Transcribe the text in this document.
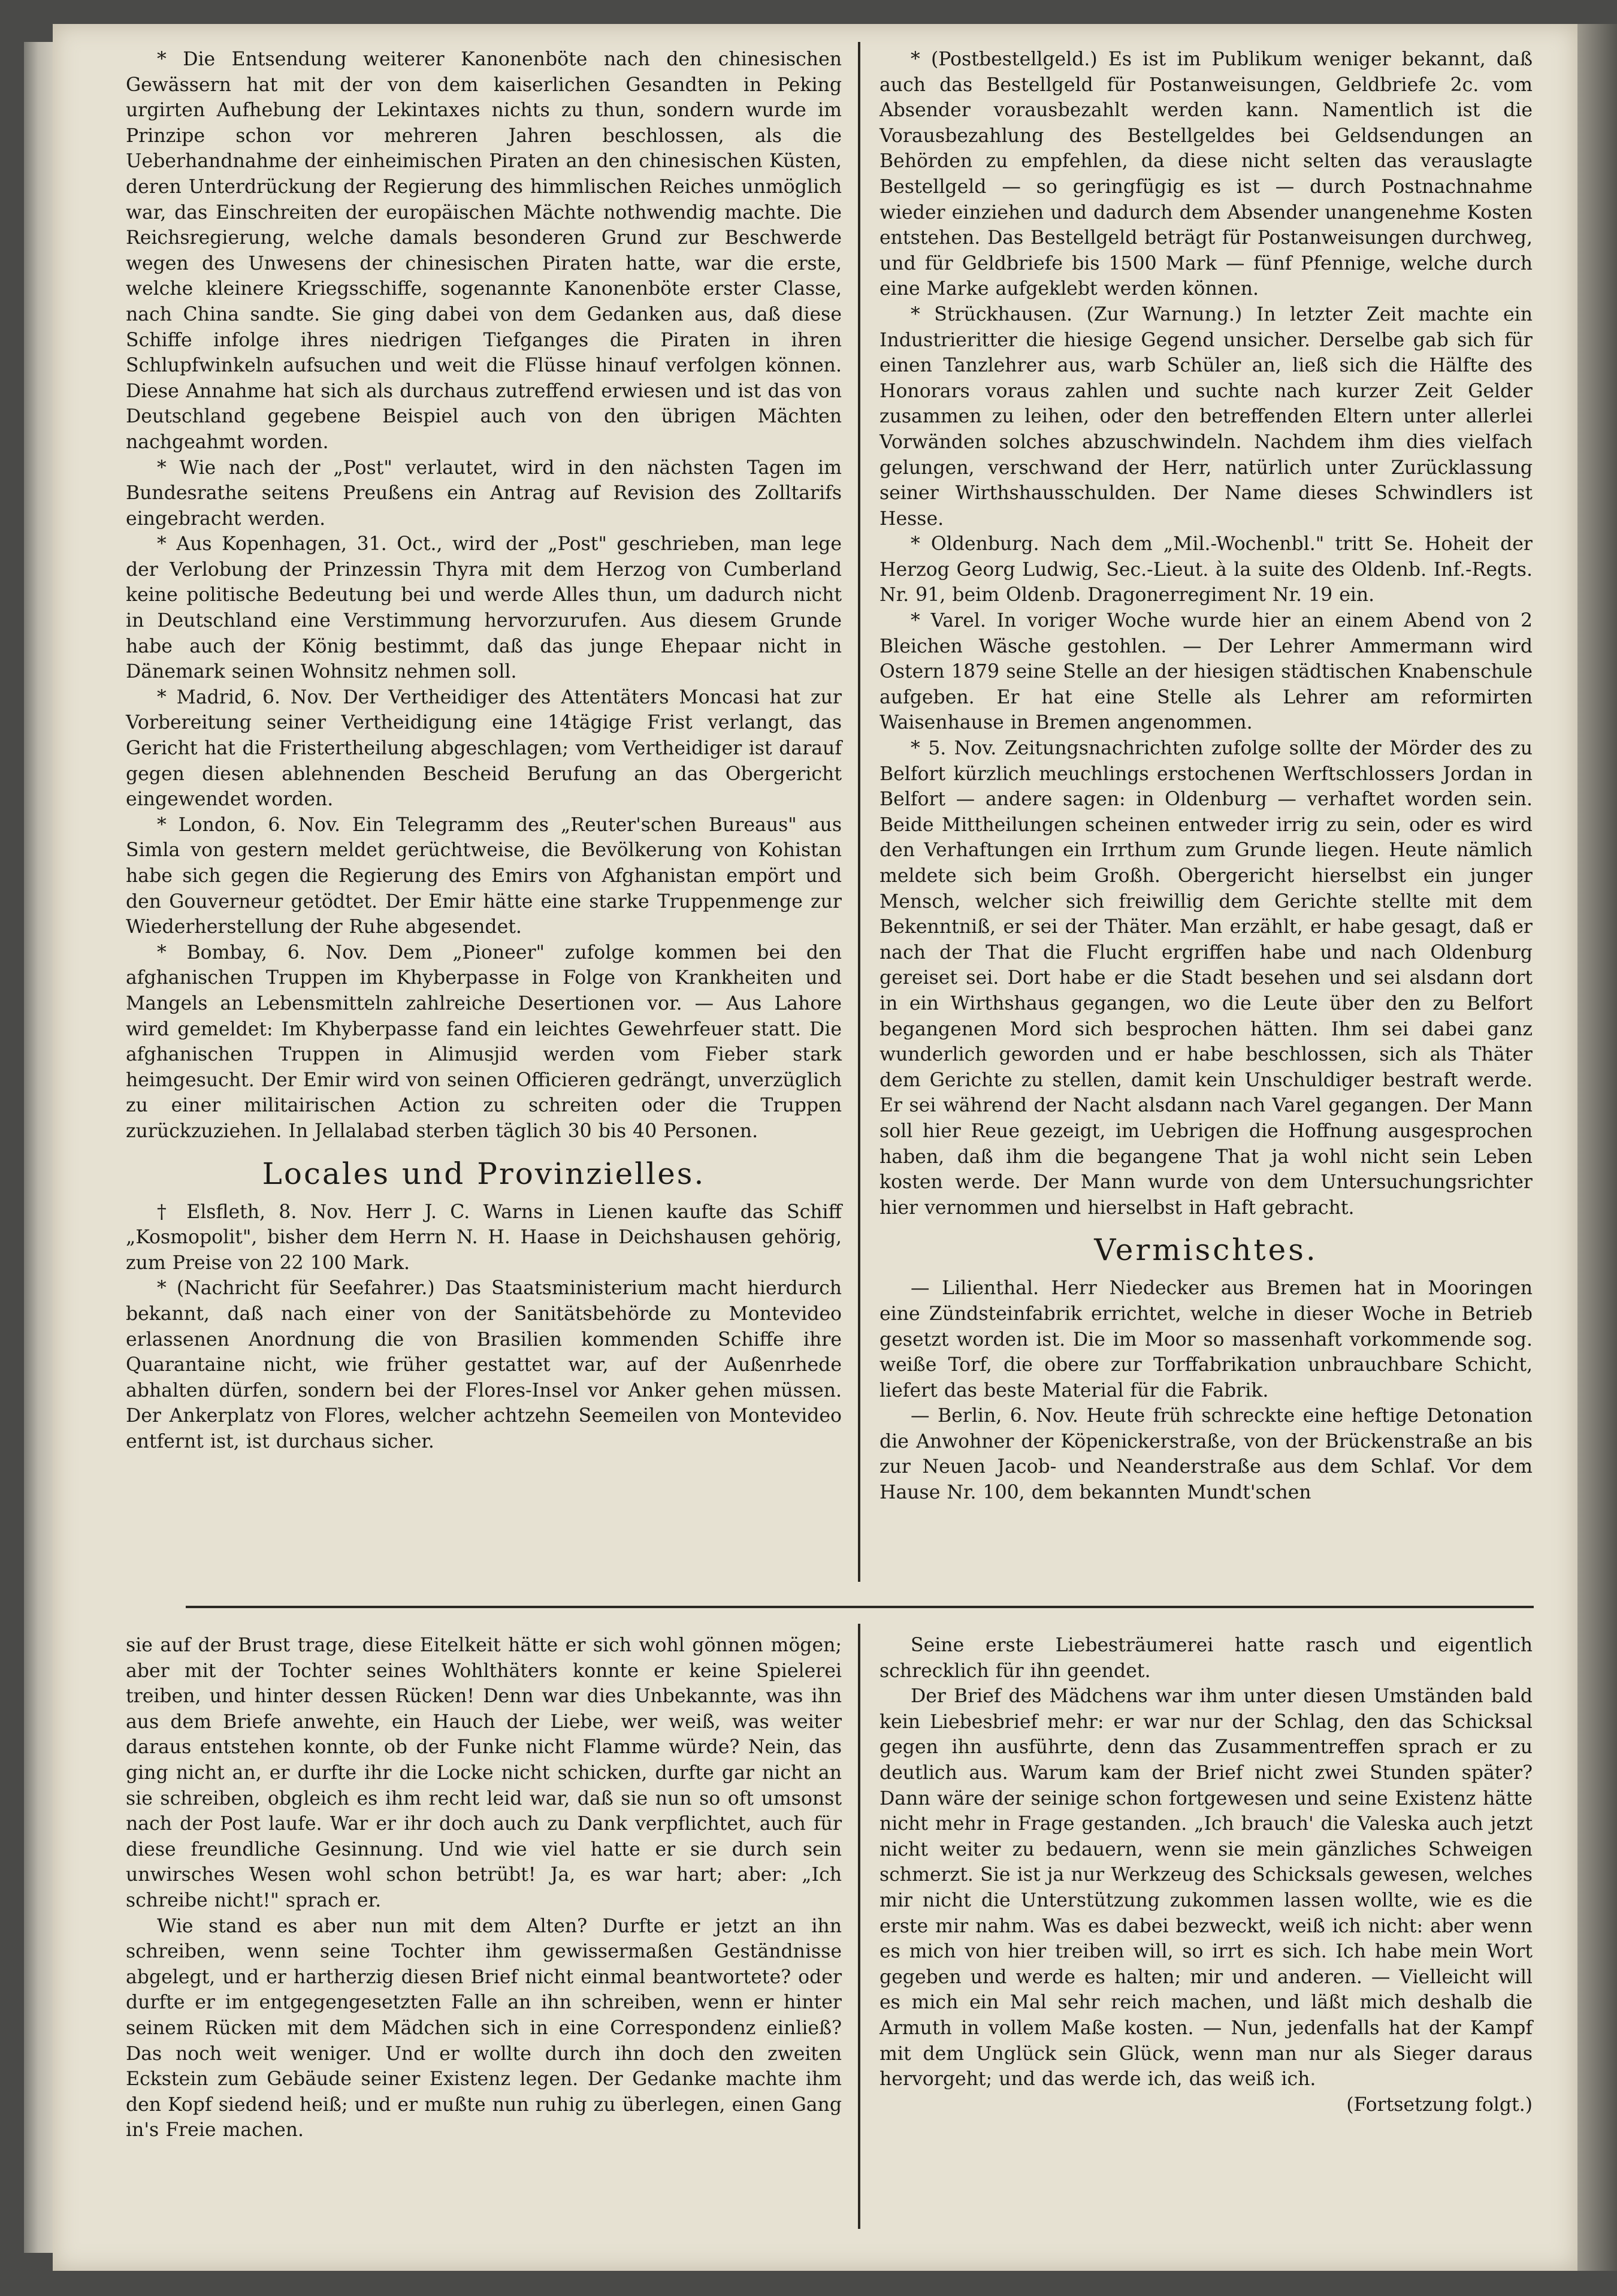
* Die Entsendung weiterer Kanonenböte nach den chinesischen Gewässern hat mit der von dem kaiserlichen Gesandten in Peking urgirten Aufhebung der Lekintaxes nichts zu thun, sondern wurde im Prinzipe schon vor mehreren Jahren beschlossen, als die Ueberhandnahme der einheimischen Piraten an den chinesischen Küsten, deren Unterdrückung der Regierung des himmlischen Reiches unmöglich war, das Einschreiten der europäischen Mächte nothwendig machte. Die Reichsregierung, welche damals besonderen Grund zur Beschwerde wegen des Unwesens der chinesischen Piraten hatte, war die erste, welche kleinere Kriegsschiffe, sogenannte Kanonenböte erster Classe, nach China sandte. Sie ging dabei von dem Gedanken aus, daß diese Schiffe infolge ihres niedrigen Tiefganges die Piraten in ihren Schlupfwinkeln aufsuchen und weit die Flüsse hinauf verfolgen können. Diese Annahme hat sich als durchaus zutreffend erwiesen und ist das von Deutschland gegebene Beispiel auch von den übrigen Mächten nachgeahmt worden.

* Wie nach der „Post" verlautet, wird in den nächsten Tagen im Bundesrathe seitens Preußens ein Antrag auf Revision des Zolltarifs eingebracht werden.

* Aus Kopenhagen, 31. Oct., wird der „Post" geschrieben, man lege der Verlobung der Prinzessin Thyra mit dem Herzog von Cumberland keine politische Bedeutung bei und werde Alles thun, um dadurch nicht in Deutschland eine Verstimmung hervorzurufen. Aus diesem Grunde habe auch der König bestimmt, daß das junge Ehepaar nicht in Dänemark seinen Wohnsitz nehmen soll.

* Madrid, 6. Nov. Der Vertheidiger des Attentäters Moncasi hat zur Vorbereitung seiner Vertheidigung eine 14tägige Frist verlangt, das Gericht hat die Fristertheilung abgeschlagen; vom Vertheidiger ist darauf gegen diesen ablehnenden Bescheid Berufung an das Obergericht eingewendet worden.

* London, 6. Nov. Ein Telegramm des „Reuter'schen Bureaus" aus Simla von gestern meldet gerüchtweise, die Bevölkerung von Kohistan habe sich gegen die Regierung des Emirs von Afghanistan empört und den Gouverneur getödtet. Der Emir hätte eine starke Truppenmenge zur Wiederherstellung der Ruhe abgesendet.

* Bombay, 6. Nov. Dem „Pioneer" zufolge kommen bei den afghanischen Truppen im Khyberpasse in Folge von Krankheiten und Mangels an Lebensmitteln zahlreiche Desertionen vor. — Aus Lahore wird gemeldet: Im Khyberpasse fand ein leichtes Gewehrfeuer statt. Die afghanischen Truppen in Alimusjid werden vom Fieber stark heimgesucht. Der Emir wird von seinen Officieren gedrängt, unverzüglich zu einer militairischen Action zu schreiten oder die Truppen zurückzuziehen. In Jellalabad sterben täglich 30 bis 40 Personen.

Locales und Provinzielles.

† Elsfleth, 8. Nov. Herr J. C. Warns in Lienen kaufte das Schiff „Kosmopolit", bisher dem Herrn N. H. Haase in Deichshausen gehörig, zum Preise von 22 100 Mark.

* (Nachricht für Seefahrer.) Das Staatsministerium macht hierdurch bekannt, daß nach einer von der Sanitätsbehörde zu Montevideo erlassenen Anordnung die von Brasilien kommenden Schiffe ihre Quarantaine nicht, wie früher gestattet war, auf der Außenrhede abhalten dürfen, sondern bei der Flores-Insel vor Anker gehen müssen. Der Ankerplatz von Flores, welcher achtzehn Seemeilen von Montevideo entfernt ist, ist durchaus sicher.

* (Postbestellgeld.) Es ist im Publikum weniger bekannt, daß auch das Bestellgeld für Postanweisungen, Geldbriefe 2c. vom Absender vorausbezahlt werden kann. Namentlich ist die Vorausbezahlung des Bestellgeldes bei Geldsendungen an Behörden zu empfehlen, da diese nicht selten das verauslagte Bestellgeld — so geringfügig es ist — durch Postnachnahme wieder einziehen und dadurch dem Absender unangenehme Kosten entstehen. Das Bestellgeld beträgt für Postanweisungen durchweg, und für Geldbriefe bis 1500 Mark — fünf Pfennige, welche durch eine Marke aufgeklebt werden können.

* Strückhausen. (Zur Warnung.) In letzter Zeit machte ein Industrieritter die hiesige Gegend unsicher. Derselbe gab sich für einen Tanzlehrer aus, warb Schüler an, ließ sich die Hälfte des Honorars voraus zahlen und suchte nach kurzer Zeit Gelder zusammen zu leihen, oder den betreffenden Eltern unter allerlei Vorwänden solches abzuschwindeln. Nachdem ihm dies vielfach gelungen, verschwand der Herr, natürlich unter Zurücklassung seiner Wirthshausschulden. Der Name dieses Schwindlers ist Hesse.

* Oldenburg. Nach dem „Mil.-Wochenbl." tritt Se. Hoheit der Herzog Georg Ludwig, Sec.-Lieut. à la suite des Oldenb. Inf.-Regts. Nr. 91, beim Oldenb. Dragonerregiment Nr. 19 ein.

* Varel. In voriger Woche wurde hier an einem Abend von 2 Bleichen Wäsche gestohlen. — Der Lehrer Ammermann wird Ostern 1879 seine Stelle an der hiesigen städtischen Knabenschule aufgeben. Er hat eine Stelle als Lehrer am reformirten Waisenhause in Bremen angenommen.

* 5. Nov. Zeitungsnachrichten zufolge sollte der Mörder des zu Belfort kürzlich meuchlings erstochenen Werftschlossers Jordan in Belfort — andere sagen: in Oldenburg — verhaftet worden sein. Beide Mittheilungen scheinen entweder irrig zu sein, oder es wird den Verhaftungen ein Irrthum zum Grunde liegen. Heute nämlich meldete sich beim Großh. Obergericht hierselbst ein junger Mensch, welcher sich freiwillig dem Gerichte stellte mit dem Bekenntniß, er sei der Thäter. Man erzählt, er habe gesagt, daß er nach der That die Flucht ergriffen habe und nach Oldenburg gereiset sei. Dort habe er die Stadt besehen und sei alsdann dort in ein Wirthshaus gegangen, wo die Leute über den zu Belfort begangenen Mord sich besprochen hätten. Ihm sei dabei ganz wunderlich geworden und er habe beschlossen, sich als Thäter dem Gerichte zu stellen, damit kein Unschuldiger bestraft werde. Er sei während der Nacht alsdann nach Varel gegangen. Der Mann soll hier Reue gezeigt, im Uebrigen die Hoffnung ausgesprochen haben, daß ihm die begangene That ja wohl nicht sein Leben kosten werde. Der Mann wurde von dem Untersuchungsrichter hier vernommen und hierselbst in Haft gebracht.

Vermischtes.

— Lilienthal. Herr Niedecker aus Bremen hat in Mooringen eine Zündsteinfabrik errichtet, welche in dieser Woche in Betrieb gesetzt worden ist. Die im Moor so massenhaft vorkommende sog. weiße Torf, die obere zur Torffabrikation unbrauchbare Schicht, liefert das beste Material für die Fabrik.

— Berlin, 6. Nov. Heute früh schreckte eine heftige Detonation die Anwohner der Köpenickerstraße, von der Brückenstraße an bis zur Neuen Jacob- und Neanderstraße aus dem Schlaf. Vor dem Hause Nr. 100, dem bekannten Mundt'schen

sie auf der Brust trage, diese Eitelkeit hätte er sich wohl gönnen mögen; aber mit der Tochter seines Wohlthäters konnte er keine Spielerei treiben, und hinter dessen Rücken! Denn war dies Unbekannte, was ihn aus dem Briefe anwehte, ein Hauch der Liebe, wer weiß, was weiter daraus entstehen konnte, ob der Funke nicht Flamme würde? Nein, das ging nicht an, er durfte ihr die Locke nicht schicken, durfte gar nicht an sie schreiben, obgleich es ihm recht leid war, daß sie nun so oft umsonst nach der Post laufe. War er ihr doch auch zu Dank verpflichtet, auch für diese freundliche Gesinnung. Und wie viel hatte er sie durch sein unwirsches Wesen wohl schon betrübt! Ja, es war hart; aber: „Ich schreibe nicht!" sprach er.

Wie stand es aber nun mit dem Alten? Durfte er jetzt an ihn schreiben, wenn seine Tochter ihm gewissermaßen Geständnisse abgelegt, und er hartherzig diesen Brief nicht einmal beantwortete? oder durfte er im entgegengesetzten Falle an ihn schreiben, wenn er hinter seinem Rücken mit dem Mädchen sich in eine Correspondenz einließ? Das noch weit weniger. Und er wollte durch ihn doch den zweiten Eckstein zum Gebäude seiner Existenz legen. Der Gedanke machte ihm den Kopf siedend heiß; und er mußte nun ruhig zu überlegen, einen Gang in's Freie machen.

Seine erste Liebesträumerei hatte rasch und eigentlich schrecklich für ihn geendet.

Der Brief des Mädchens war ihm unter diesen Umständen bald kein Liebesbrief mehr: er war nur der Schlag, den das Schicksal gegen ihn ausführte, denn das Zusammentreffen sprach er zu deutlich aus. Warum kam der Brief nicht zwei Stunden später? Dann wäre der seinige schon fortgewesen und seine Existenz hätte nicht mehr in Frage gestanden. „Ich brauch' die Valeska auch jetzt nicht weiter zu bedauern, wenn sie mein gänzliches Schweigen schmerzt. Sie ist ja nur Werkzeug des Schicksals gewesen, welches mir nicht die Unterstützung zukommen lassen wollte, wie es die erste mir nahm. Was es dabei bezweckt, weiß ich nicht: aber wenn es mich von hier treiben will, so irrt es sich. Ich habe mein Wort gegeben und werde es halten; mir und anderen. — Vielleicht will es mich ein Mal sehr reich machen, und läßt mich deshalb die Armuth in vollem Maße kosten. — Nun, jedenfalls hat der Kampf mit dem Unglück sein Glück, wenn man nur als Sieger daraus hervorgeht; und das werde ich, das weiß ich.

(Fortsetzung folgt.)
